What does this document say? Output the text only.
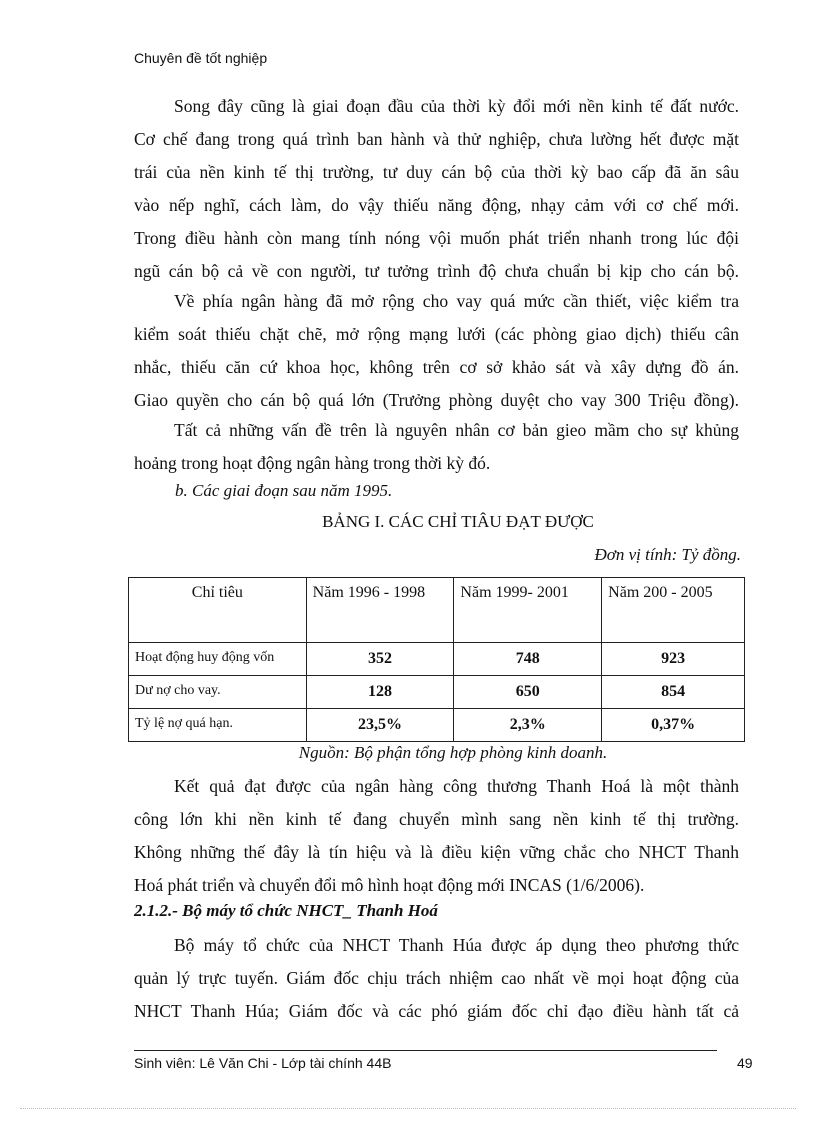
Chuyên đề tốt nghiệp
Song đây cũng là giai đoạn đầu của thời kỳ đổi mới nền kinh tế đất nước.
Cơ chế đang trong quá trình ban hành và thử nghiệp, chưa lường hết được mặt
trái của nền kinh tế thị trường, tư duy cán bộ của thời kỳ bao cấp đã ăn sâu
vào nếp nghĩ, cách làm, do vậy thiếu năng động, nhạy cảm với cơ chế mới.
Trong điều hành còn mang tính nóng vội muốn phát triển nhanh trong lúc đội
ngũ cán bộ cả về con người, tư tưởng trình độ chưa chuẩn bị kịp cho cán bộ.
Về phía ngân hàng đã mở rộng cho vay quá mức cần thiết, việc kiểm tra
kiểm soát thiếu chặt chẽ, mở rộng mạng lưới (các phòng giao dịch) thiếu cân
nhắc, thiếu căn cứ khoa học, không trên cơ sở khảo sát và xây dựng đồ án.
Giao quyền cho cán bộ quá lớn (Trưởng phòng duyệt cho vay 300 Triệu đồng).
Tất cả những vấn đề trên là nguyên nhân cơ bản gieo mầm cho sự khủng
hoảng trong hoạt động ngân hàng trong thời kỳ đó.
b. Các giai đoạn sau năm 1995.
BẢNG I. CÁC CHỈ TIÂU ĐẠT ĐƯỢC
Đơn vị tính: Tỷ đồng.
Chỉ tiêu	Năm 1996 - 1998	Năm 1999- 2001	Năm 200 - 2005
Hoạt động huy động vốn	352	748	923
Dư nợ cho vay.	128	650	854
Tỷ lệ nợ quá hạn.	23,5%	2,3%	0,37%
Nguồn: Bộ phận tổng hợp phòng kinh doanh.
Kết quả đạt được của ngân hàng công thương Thanh Hoá là một thành
công lớn khi nền kinh tế đang chuyển mình sang nền kinh tế thị trường.
Không những thế đây là tín hiệu và là điều kiện vững chắc cho NHCT Thanh
Hoá phát triển và chuyển đổi mô hình hoạt động mới INCAS (1/6/2006).
2.1.2.- Bộ máy tổ chức NHCT_ Thanh Hoá
Bộ máy tổ chức của NHCT Thanh Húa được áp dụng theo phương thức
quản lý trực tuyến. Giám đốc chịu trách nhiệm cao nhất về mọi hoạt động của
NHCT Thanh Húa; Giám đốc và các phó giám đốc chỉ đạo điều hành tất cả
Sinh viên: Lê Văn Chi - Lớp tài chính 44B	49
